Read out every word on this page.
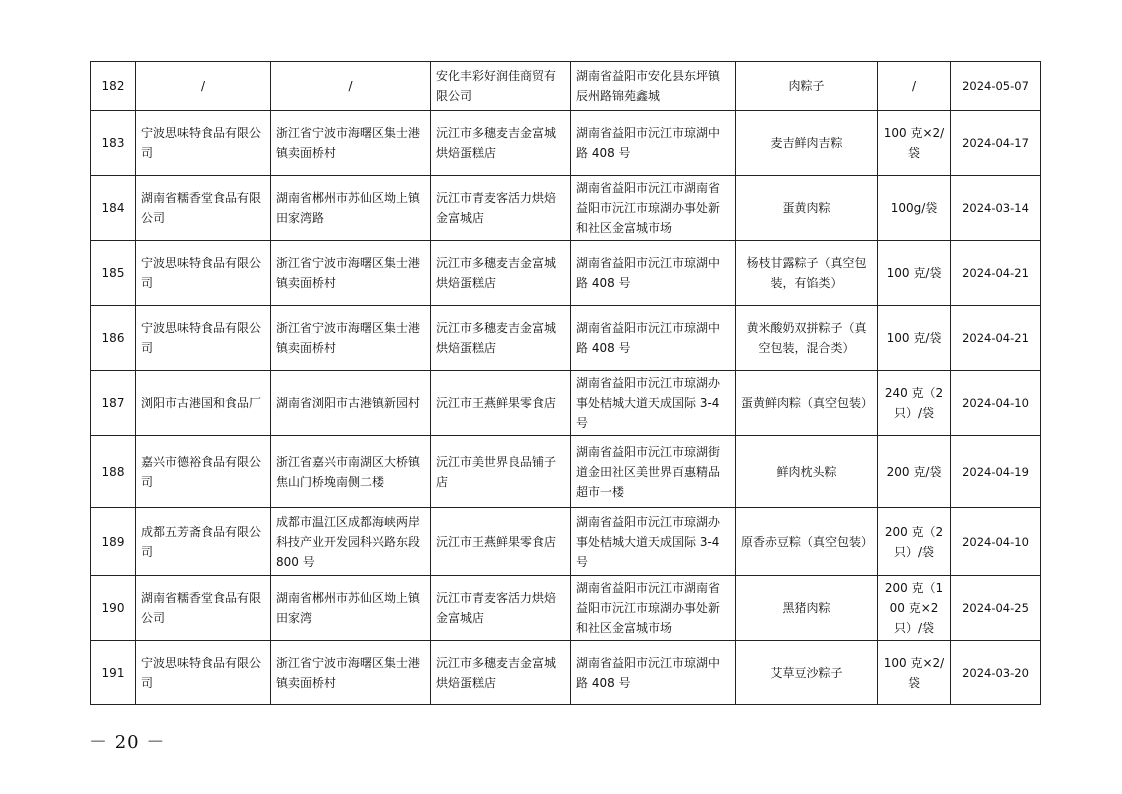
182	/	/	安化丰彩好润佳商贸有限公司	湖南省益阳市安化县东坪镇辰州路锦苑鑫城	肉粽子	/	2024-05-07
183	宁波思味特食品有限公司	浙江省宁波市海曙区集士港镇卖面桥村	沅江市多穗麦吉金富城烘焙蛋糕店	湖南省益阳市沅江市琼湖中路 408 号	麦吉鲜肉吉粽	100 克×2/袋	2024-04-17
184	湖南省糯香堂食品有限公司	湖南省郴州市苏仙区坳上镇田家湾路	沅江市青麦客活力烘焙金富城店	湖南省益阳市沅江市湖南省益阳市沅江市琼湖办事处新和社区金富城市场	蛋黄肉粽	100g/袋	2024-03-14
185	宁波思味特食品有限公司	浙江省宁波市海曙区集士港镇卖面桥村	沅江市多穗麦吉金富城烘焙蛋糕店	湖南省益阳市沅江市琼湖中路 408 号	杨枝甘露粽子（真空包装，有馅类）	100 克/袋	2024-04-21
186	宁波思味特食品有限公司	浙江省宁波市海曙区集士港镇卖面桥村	沅江市多穗麦吉金富城烘焙蛋糕店	湖南省益阳市沅江市琼湖中路 408 号	黄米酸奶双拼粽子（真空包装，混合类）	100 克/袋	2024-04-21
187	浏阳市古港国和食品厂	湖南省浏阳市古港镇新园村	沅江市王燕鲜果零食店	湖南省益阳市沅江市琼湖办事处桔城大道天成国际 3-4 号	蛋黄鲜肉粽（真空包装）	240 克（2 只）/袋	2024-04-10
188	嘉兴市德裕食品有限公司	浙江省嘉兴市南湖区大桥镇焦山门桥堍南侧二楼	沅江市美世界良品铺子店	湖南省益阳市沅江市琼湖街道金田社区美世界百惠精品超市一楼	鲜肉枕头粽	200 克/袋	2024-04-19
189	成都五芳斋食品有限公司	成都市温江区成都海峡两岸科技产业开发园科兴路东段 800 号	沅江市王燕鲜果零食店	湖南省益阳市沅江市琼湖办事处桔城大道天成国际 3-4 号	原香赤豆粽（真空包装）	200 克（2 只）/袋	2024-04-10
190	湖南省糯香堂食品有限公司	湖南省郴州市苏仙区坳上镇田家湾	沅江市青麦客活力烘焙金富城店	湖南省益阳市沅江市湖南省益阳市沅江市琼湖办事处新和社区金富城市场	黑猪肉粽	200 克（100 克×2 只）/袋	2024-04-25
191	宁波思味特食品有限公司	浙江省宁波市海曙区集士港镇卖面桥村	沅江市多穗麦吉金富城烘焙蛋糕店	湖南省益阳市沅江市琼湖中路 408 号	艾草豆沙粽子	100 克×2/袋	2024-03-20
－ 20 －
